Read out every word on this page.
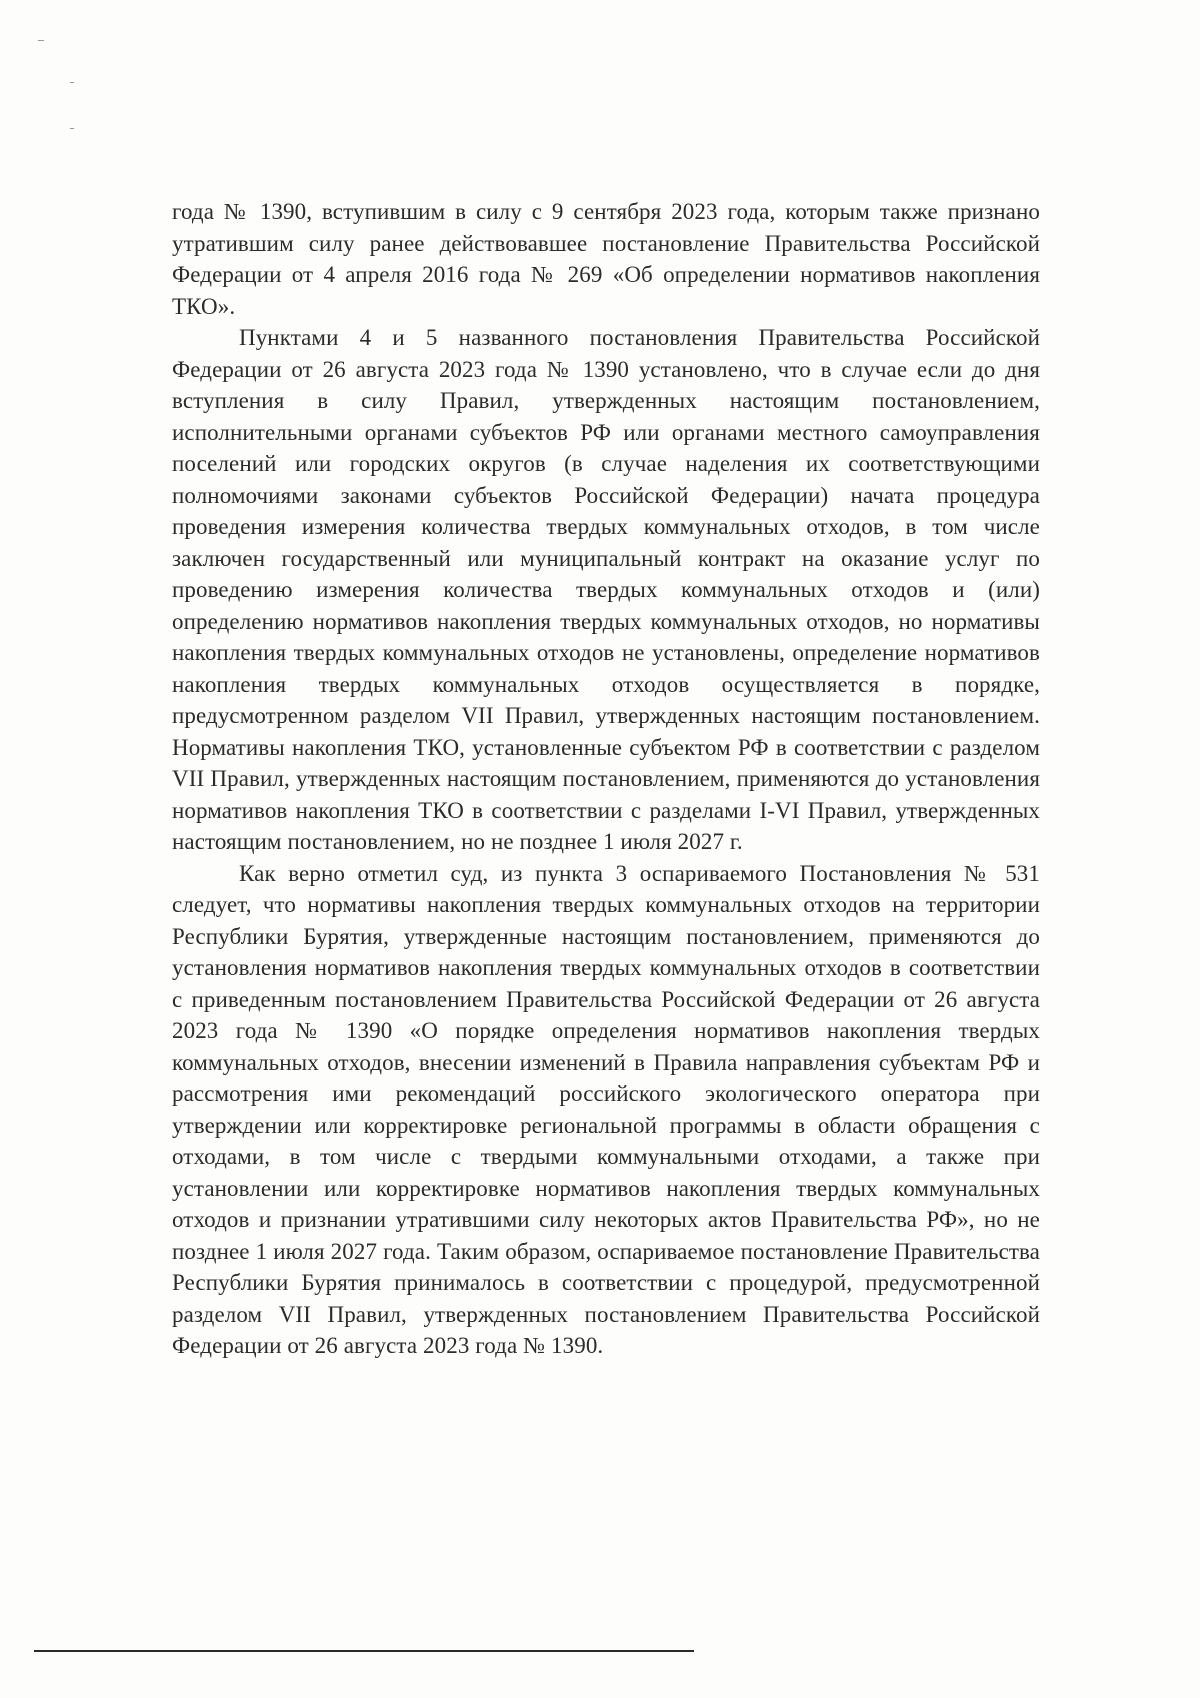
года № 1390, вступившим в силу с 9 сентября 2023 года, которым также признано утратившим силу ранее действовавшее постановление Правительства Российской Федерации от 4 апреля 2016 года № 269 «Об определении нормативов накопления ТКО».

Пунктами 4 и 5 названного постановления Правительства Российской Федерации от 26 августа 2023 года № 1390 установлено, что в случае если до дня вступления в силу Правил, утвержденных настоящим постановлением, исполнительными органами субъектов РФ или органами местного самоуправления поселений или городских округов (в случае наделения их соответствующими полномочиями законами субъектов Российской Федерации) начата процедура проведения измерения количества твердых коммунальных отходов, в том числе заключен государственный или муниципальный контракт на оказание услуг по проведению измерения количества твердых коммунальных отходов и (или) определению нормативов накопления твердых коммунальных отходов, но нормативы накопления твердых коммунальных отходов не установлены, определение нормативов накопления твердых коммунальных отходов осуществляется в порядке, предусмотренном разделом VII Правил, утвержденных настоящим постановлением. Нормативы накопления ТКО, установленные субъектом РФ в соответствии с разделом VII Правил, утвержденных настоящим постановлением, применяются до установления нормативов накопления ТКО в соответствии с разделами I-VI Правил, утвержденных настоящим постановлением, но не позднее 1 июля 2027 г.

Как верно отметил суд, из пункта 3 оспариваемого Постановления № 531 следует, что нормативы накопления твердых коммунальных отходов на территории Республики Бурятия, утвержденные настоящим постановлением, применяются до установления нормативов накопления твердых коммунальных отходов в соответствии с приведенным постановлением Правительства Российской Федерации от 26 августа 2023 года № 1390 «О порядке определения нормативов накопления твердых коммунальных отходов, внесении изменений в Правила направления субъектам РФ и рассмотрения ими рекомендаций российского экологического оператора при утверждении или корректировке региональной программы в области обращения с отходами, в том числе с твердыми коммунальными отходами, а также при установлении или корректировке нормативов накопления твердых коммунальных отходов и признании утратившими силу некоторых актов Правительства РФ», но не позднее 1 июля 2027 года. Таким образом, оспариваемое постановление Правительства Республики Бурятия принималось в соответствии с процедурой, предусмотренной разделом VII Правил, утвержденных постановлением Правительства Российской Федерации от 26 августа 2023 года № 1390.
